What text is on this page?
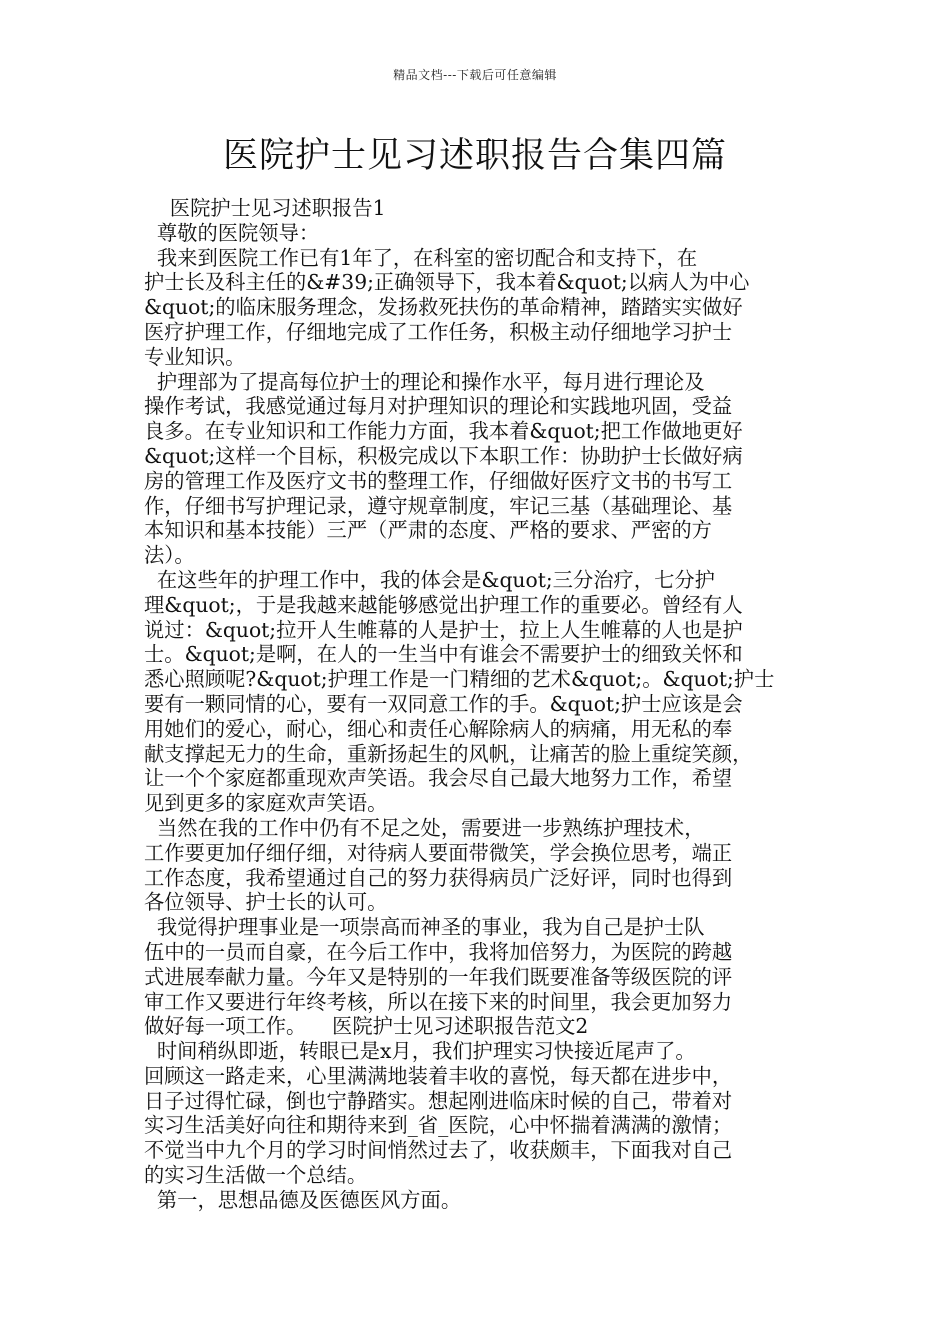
精品文档---下载后可任意编辑
医院护士见习述职报告合集四篇
医院护士见习述职报告1
尊敬的医院领导：
我来到医院工作已有1年了，在科室的密切配合和支持下，在
护士长及科主任的&#39;正确领导下，我本着&quot;以病人为中心
&quot;的临床服务理念，发扬救死扶伤的革命精神，踏踏实实做好
医疗护理工作，仔细地完成了工作任务，积极主动仔细地学习护士
专业知识。
护理部为了提高每位护士的理论和操作水平，每月进行理论及
操作考试，我感觉通过每月对护理知识的理论和实践地巩固，受益
良多。在专业知识和工作能力方面，我本着&quot;把工作做地更好
&quot;这样一个目标，积极完成以下本职工作：协助护士长做好病
房的管理工作及医疗文书的整理工作，仔细做好医疗文书的书写工
作，仔细书写护理记录，遵守规章制度，牢记三基（基础理论、基
本知识和基本技能）三严（严肃的态度、严格的要求、严密的方
法）。
在这些年的护理工作中，我的体会是&quot;三分治疗，七分护
理&quot;，于是我越来越能够感觉出护理工作的重要必。曾经有人
说过：&quot;拉开人生帷幕的人是护士，拉上人生帷幕的人也是护
士。&quot;是啊，在人的一生当中有谁会不需要护士的细致关怀和
悉心照顾呢?&quot;护理工作是一门精细的艺术&quot;。&quot;护士
要有一颗同情的心，要有一双同意工作的手。&quot;护士应该是会
用她们的爱心，耐心，细心和责任心解除病人的病痛，用无私的奉
献支撑起无力的生命，重新扬起生的风帆，让痛苦的脸上重绽笑颜，
让一个个家庭都重现欢声笑语。我会尽自己最大地努力工作，希望
见到更多的家庭欢声笑语。
当然在我的工作中仍有不足之处，需要进一步熟练护理技术，
工作要更加仔细仔细，对待病人要面带微笑，学会换位思考，端正
工作态度，我希望通过自己的努力获得病员广泛好评，同时也得到
各位领导、护士长的认可。
我觉得护理事业是一项崇高而神圣的事业，我为自己是护士队
伍中的一员而自豪，在今后工作中，我将加倍努力，为医院的跨越
式进展奉献力量。今年又是特别的一年我们既要准备等级医院的评
审工作又要进行年终考核，所以在接下来的时间里，我会更加努力
做好每一项工作。    医院护士见习述职报告范文2
时间稍纵即逝，转眼已是x月，我们护理实习快接近尾声了。
回顾这一路走来，心里满满地装着丰收的喜悦，每天都在进步中，
日子过得忙碌，倒也宁静踏实。想起刚进临床时候的自己，带着对
实习生活美好向往和期待来到_省_医院，心中怀揣着满满的激情；
不觉当中九个月的学习时间悄然过去了，收获颇丰，下面我对自己
的实习生活做一个总结。
第一，思想品德及医德医风方面。
